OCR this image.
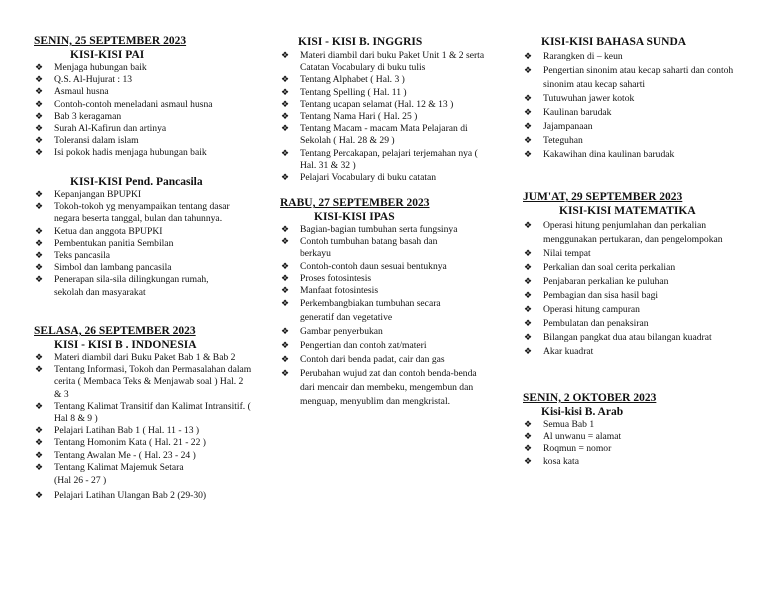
SENIN, 25 SEPTEMBER 2023
KISI-KISI PAI
❖ Menjaga hubungan baik
❖ Q.S. Al-Hujurat : 13
❖ Asmaul husna
❖ Contoh-contoh meneladani asmaul husna
❖ Bab 3 keragaman
❖ Surah Al-Kafirun dan artinya
❖ Toleransi dalam islam
❖ Isi pokok hadis menjaga hubungan baik
KISI-KISI Pend. Pancasila
❖ Kepanjangan BPUPKI
❖ Tokoh-tokoh yg menyampaikan tentang dasar negara beserta tanggal, bulan dan tahunnya.
❖ Ketua dan anggota BPUPKI
❖ Pembentukan panitia Sembilan
❖ Teks pancasila
❖ Simbol dan lambang pancasila
❖ Penerapan sila-sila dilingkungan rumah, sekolah dan masyarakat
SELASA, 26 SEPTEMBER 2023
KISI - KISI B . INDONESIA
❖ Materi diambil dari Buku Paket Bab 1 & Bab 2
❖ Tentang Informasi, Tokoh dan Permasalahan dalam cerita ( Membaca Teks & Menjawab soal ) Hal. 2 & 3
❖ Tentang Kalimat Transitif dan Kalimat Intransitif. ( Hal 8 & 9 )
❖ Pelajari Latihan Bab 1 ( Hal. 11 - 13 )
❖ Tentang Homonim Kata ( Hal. 21 - 22 )
❖ Tentang Awalan Me - ( Hal. 23 - 24 )
❖ Tentang Kalimat Majemuk Setara
(Hal 26 - 27 )
❖ Pelajari Latihan Ulangan Bab 2 (29-30)
KISI - KISI B. INGGRIS
❖ Materi diambil dari buku Paket Unit 1 & 2 serta Catatan Vocabulary di buku tulis
❖ Tentang Alphabet ( Hal. 3 )
❖ Tentang Spelling ( Hal. 11 )
❖ Tentang ucapan selamat (Hal. 12 & 13 )
❖ Tentang Nama Hari ( Hal. 25 )
❖ Tentang Macam - macam Mata Pelajaran di Sekolah ( Hal. 28 & 29 )
❖ Tentang Percakapan, pelajari terjemahan nya ( Hal. 31 & 32 )
❖ Pelajari Vocabulary di buku catatan
RABU, 27 SEPTEMBER 2023
KISI-KISI IPAS
❖ Bagian-bagian tumbuhan serta fungsinya
❖ Contoh tumbuhan batang basah dan berkayu
❖ Contoh-contoh daun sesuai bentuknya
❖ Proses fotosintesis
❖ Manfaat fotosintesis
❖ Perkembangbiakan tumbuhan secara generatif dan vegetative
❖ Gambar penyerbukan
❖ Pengertian dan contoh zat/materi
❖ Contoh dari benda padat, cair dan gas
❖ Perubahan wujud zat dan contoh benda-benda dari mencair dan membeku, mengembun dan menguap, menyublim dan mengkristal.
KISI-KISI BAHASA SUNDA
❖ Rarangken di – keun
❖ Pengertian sinonim atau kecap saharti dan contoh sinonim atau kecap saharti
❖ Tutuwuhan jawer kotok
❖ Kaulinan barudak
❖ Jajampanaan
❖ Teteguhan
❖ Kakawihan dina kaulinan barudak
JUM'AT, 29 SEPTEMBER 2023
KISI-KISI MATEMATIKA
❖ Operasi hitung penjumlahan dan perkalian menggunakan pertukaran, dan pengelompokan
❖ Nilai tempat
❖ Perkalian dan soal cerita perkalian
❖ Penjabaran perkalian ke puluhan
❖ Pembagian dan sisa hasil bagi
❖ Operasi hitung campuran
❖ Pembulatan dan penaksiran
❖ Bilangan pangkat dua atau bilangan kuadrat
❖ Akar kuadrat
SENIN, 2 OKTOBER 2023
Kisi-kisi B. Arab
❖ Semua Bab 1
❖ Al unwanu = alamat
❖ Roqmun = nomor
❖ kosa kata
